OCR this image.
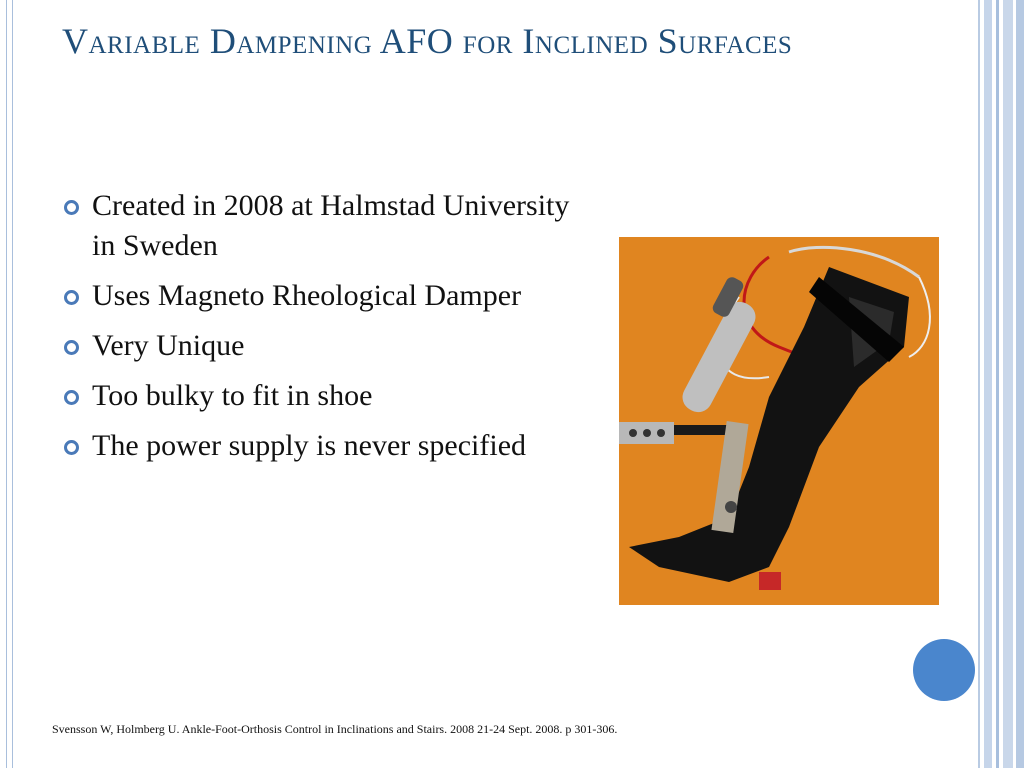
Variable Dampening AFO for Inclined Surfaces
Created in 2008 at Halmstad University in Sweden
Uses Magneto Rheological Damper
Very Unique
Too bulky to fit in shoe
The power supply is never specified
Svensson W, Holmberg U. Ankle-Foot-Orthosis Control in Inclinations and Stairs. 2008 21-24 Sept. 2008. p 301-306.
